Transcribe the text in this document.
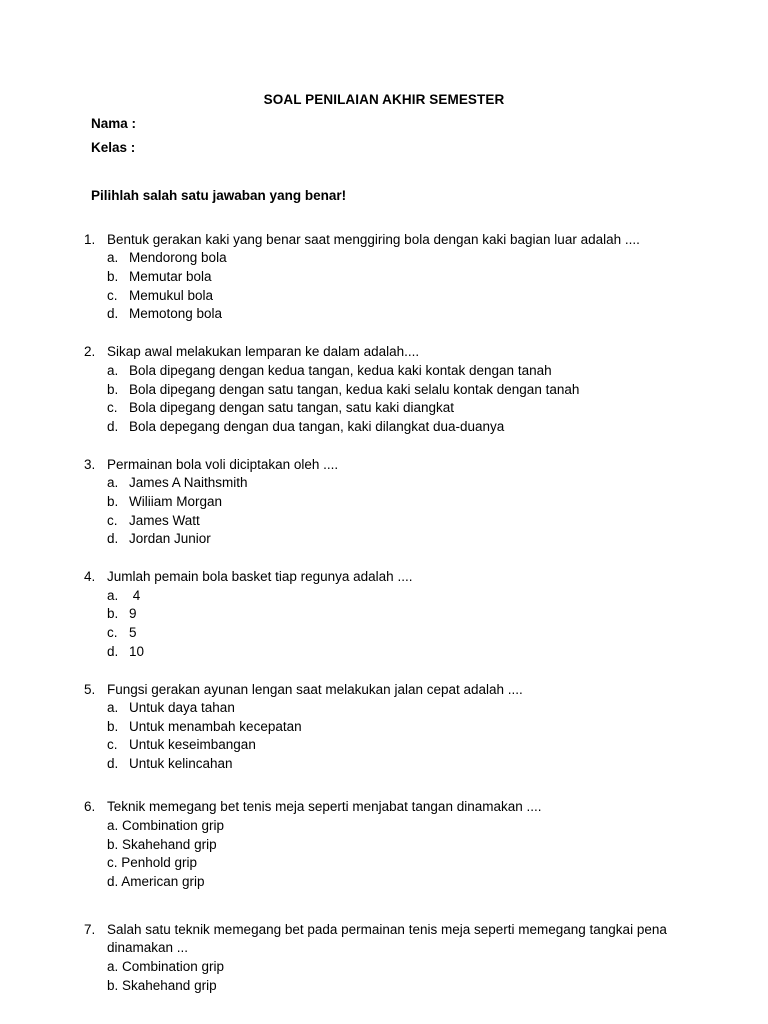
SOAL PENILAIAN AKHIR SEMESTER
Nama :
Kelas :
Pilihlah salah satu jawaban yang benar!
1. Bentuk gerakan kaki yang benar saat menggiring bola dengan kaki bagian luar adalah ....
a. Mendorong bola
b. Memutar bola
c. Memukul bola
d. Memotong bola
2. Sikap awal melakukan lemparan ke dalam adalah....
a. Bola dipegang dengan kedua tangan, kedua kaki kontak dengan tanah
b. Bola dipegang dengan satu tangan, kedua kaki selalu kontak dengan tanah
c. Bola dipegang dengan satu tangan, satu kaki diangkat
d. Bola depegang dengan dua tangan, kaki dilangkat dua-duanya
3. Permainan bola voli diciptakan oleh ....
a. James A Naithsmith
b. Wiliiam Morgan
c. James Watt
d. Jordan Junior
4. Jumlah pemain bola basket tiap regunya adalah ....
a. 4
b. 9
c. 5
d. 10
5. Fungsi gerakan ayunan lengan saat melakukan jalan cepat adalah ....
a. Untuk daya tahan
b. Untuk menambah kecepatan
c. Untuk keseimbangan
d. Untuk kelincahan
6. Teknik memegang bet tenis meja seperti menjabat tangan dinamakan ....
a. Combination grip
b. Skahehand grip
c. Penhold grip
d. American grip
7. Salah satu teknik memegang bet pada permainan tenis meja seperti memegang tangkai pena
dinamakan ...
a. Combination grip
b. Skahehand grip
